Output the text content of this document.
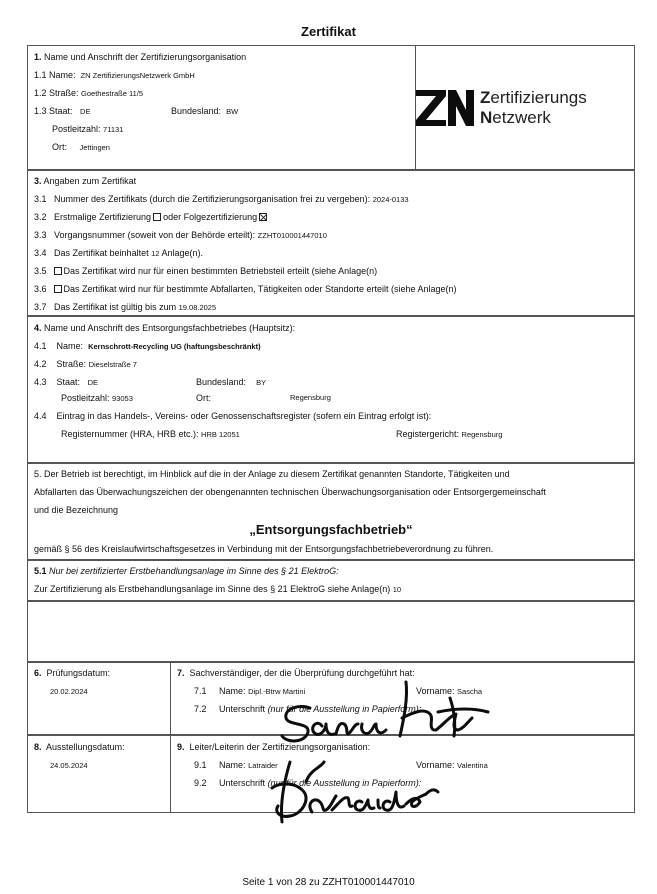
Zertifikat
1. Name und Anschrift der Zertifizierungsorganisation
1.1 Name: ZN ZertifizierungsNetzwerk GmbH
1.2 Straße: Goethestraße 11/5
1.3 Staat: DE	Bundesland: BW
Postleitzahl: 71131
Ort: Jettingen
Zertifizierungs
Netzwerk
3. Angaben zum Zertifikat
3.1 Nummer des Zertifikats (durch die Zertifizierungsorganisation frei zu vergeben): 2024-0133
3.2 Erstmalige Zertifizierung oder Folgezertifizierung
3.3 Vorgangsnummer (soweit von der Behörde erteilt): ZZHT010001447010
3.4 Das Zertifikat beinhaltet 12 Anlage(n).
3.5 Das Zertifikat wird nur für einen bestimmten Betriebsteil erteilt (siehe Anlage(n)
3.6 Das Zertifikat wird nur für bestimmte Abfallarten, Tätigkeiten oder Standorte erteilt (siehe Anlage(n)
3.7 Das Zertifikat ist gültig bis zum 19.08.2025
4. Name und Anschrift des Entsorgungsfachbetriebes (Hauptsitz):
4.1 Name: Kernschrott-Recycling UG (haftungsbeschränkt)
4.2 Straße: Dieselstraße 7
4.3 Staat: DE	Bundesland: BY
Postleitzahl: 93053	Ort:	Regensburg
4.4 Eintrag in das Handels-, Vereins- oder Genossenschaftsregister (sofern ein Eintrag erfolgt ist):
Registernummer (HRA, HRB etc.): HRB 12051	Registergericht: Regensburg
5. Der Betrieb ist berechtigt, im Hinblick auf die in der Anlage zu diesem Zertifikat genannten Standorte, Tätigkeiten und
Abfallarten das Überwachungszeichen der obengenannten technischen Überwachungsorganisation oder Entsorgergemeinschaft
und die Bezeichnung
„Entsorgungsfachbetrieb“
gemäß § 56 des Kreislaufwirtschaftsgesetzes in Verbindung mit der Entsorgungsfachbetriebeverordnung zu führen.
5.1 Nur bei zertifizierter Erstbehandlungsanlage im Sinne des § 21 ElektroG:
Zur Zertifizierung als Erstbehandlungsanlage im Sinne des § 21 ElektroG siehe Anlage(n) 10
6. Prüfungsdatum:
20.02.2024
7. Sachverständiger, der die Überprüfung durchgeführt hat:
7.1 Name: Dipl.-Btrw Martini	Vorname: Sascha
7.2 Unterschrift (nur für die Ausstellung in Papierform):
8. Ausstellungsdatum:
24.05.2024
9. Leiter/Leiterin der Zertifizierungsorganisation:
9.1 Name: Latraider	Vorname: Valentina
9.2 Unterschrift (nur für die Ausstellung in Papierform):
Seite 1 von 28 zu ZZHT010001447010
